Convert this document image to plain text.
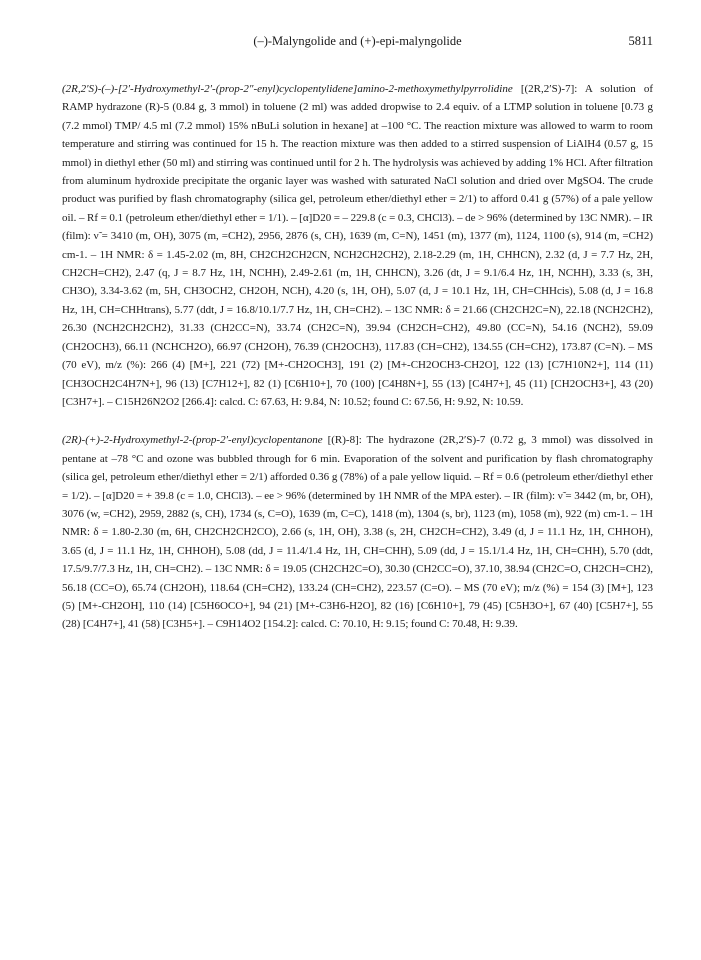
(–)-Malyngolide and (+)-epi-malyngolide	5811

(2R,2′S)-(–)-[2′-Hydroxymethyl-2′-(prop-2″-enyl)cyclopentylidene]amino-2-methoxymethylpyrrolidine [(2R,2′S)-7]: A solution of RAMP hydrazone (R)-5 (0.84 g, 3 mmol) in toluene (2 ml) was added dropwise to 2.4 equiv. of a LTMP solution in toluene [0.73 g (7.2 mmol) TMP/ 4.5 ml (7.2 mmol) 15% nBuLi solution in hexane] at –100 °C. The reaction mixture was allowed to warm to room temperature and stirring was continued for 15 h. The reaction mixture was then added to a stirred suspension of LiAlH4 (0.57 g, 15 mmol) in diethyl ether (50 ml) and stirring was continued until for 2 h. The hydrolysis was achieved by adding 1% HCl. After filtration from aluminum hydroxide precipitate the organic layer was washed with saturated NaCl solution and dried over MgSO4. The crude product was purified by flash chromatography (silica gel, petroleum ether/diethyl ether = 2/1) to afford 0.41 g (57%) of a pale yellow oil. – Rf = 0.1 (petroleum ether/diethyl ether = 1/1). – [α]D20 = – 229.8 (c = 0.3, CHCl3). – de > 96% (determined by 13C NMR). – IR (film): ν̃ = 3410 (m, OH), 3075 (m, =CH2), 2956, 2876 (s, CH), 1639 (m, C=N), 1451 (m), 1377 (m), 1124, 1100 (s), 914 (m, =CH2) cm-1. – 1H NMR: δ = 1.45-2.02 (m, 8H, CH2CH2CH2CN, NCH2CH2CH2), 2.18-2.29 (m, 1H, CHHCN), 2.32 (d, J = 7.7 Hz, 2H, CH2CH=CH2), 2.47 (q, J = 8.7 Hz, 1H, NCHH), 2.49-2.61 (m, 1H, CHHCN), 3.26 (dt, J = 9.1/6.4 Hz, 1H, NCHH), 3.33 (s, 3H, CH3O), 3.34-3.62 (m, 5H, CH3OCH2, CH2OH, NCH), 4.20 (s, 1H, OH), 5.07 (d, J = 10.1 Hz, 1H, CH=CHHcis), 5.08 (d, J = 16.8 Hz, 1H, CH=CHHtrans), 5.77 (ddt, J = 16.8/10.1/7.7 Hz, 1H, CH=CH2). – 13C NMR: δ = 21.66 (CH2CH2C=N), 22.18 (NCH2CH2), 26.30 (NCH2CH2CH2), 31.33 (CH2CC=N), 33.74 (CH2C=N), 39.94 (CH2CH=CH2), 49.80 (CC=N), 54.16 (NCH2), 59.09 (CH2OCH3), 66.11 (NCHCH2O), 66.97 (CH2OH), 76.39 (CH2OCH3), 117.83 (CH=CH2), 134.55 (CH=CH2), 173.87 (C=N). – MS (70 eV), m/z (%): 266 (4) [M+], 221 (72) [M+-CH2OCH3], 191 (2) [M+-CH2OCH3-CH2O], 122 (13) [C7H10N2+], 114 (11) [CH3OCH2C4H7N+], 96 (13) [C7H12+], 82 (1) [C6H10+], 70 (100) [C4H8N+], 55 (13) [C4H7+], 45 (11) [CH2OCH3+], 43 (20) [C3H7+]. – C15H26N2O2 [266.4]: calcd. C: 67.63, H: 9.84, N: 10.52; found C: 67.56, H: 9.92, N: 10.59.

(2R)-(+)-2-Hydroxymethyl-2-(prop-2′-enyl)cyclopentanone [(R)-8]: The hydrazone (2R,2′S)-7 (0.72 g, 3 mmol) was dissolved in pentane at –78 °C and ozone was bubbled through for 6 min. Evaporation of the solvent and purification by flash chromatography (silica gel, petroleum ether/diethyl ether = 2/1) afforded 0.36 g (78%) of a pale yellow liquid. – Rf = 0.6 (petroleum ether/diethyl ether = 1/2). – [α]D20 = + 39.8 (c = 1.0, CHCl3). – ee > 96% (determined by 1H NMR of the MPA ester). – IR (film): ν̃ = 3442 (m, br, OH), 3076 (w, =CH2), 2959, 2882 (s, CH), 1734 (s, C=O), 1639 (m, C=C), 1418 (m), 1304 (s, br), 1123 (m), 1058 (m), 922 (m) cm-1. – 1H NMR: δ = 1.80-2.30 (m, 6H, CH2CH2CH2CO), 2.66 (s, 1H, OH), 3.38 (s, 2H, CH2CH=CH2), 3.49 (d, J = 11.1 Hz, 1H, CHHOH), 3.65 (d, J = 11.1 Hz, 1H, CHHOH), 5.08 (dd, J = 11.4/1.4 Hz, 1H, CH=CHH), 5.09 (dd, J = 15.1/1.4 Hz, 1H, CH=CHH), 5.70 (ddt, 17.5/9.7/7.3 Hz, 1H, CH=CH2). – 13C NMR: δ = 19.05 (CH2CH2C=O), 30.30 (CH2CC=O), 37.10, 38.94 (CH2C=O, CH2CH=CH2), 56.18 (CC=O), 65.74 (CH2OH), 118.64 (CH=CH2), 133.24 (CH=CH2), 223.57 (C=O). – MS (70 eV); m/z (%) = 154 (3) [M+], 123 (5) [M+-CH2OH], 110 (14) [C5H6OCO+], 94 (21) [M+-C3H6-H2O], 82 (16) [C6H10+], 79 (45) [C5H3O+], 67 (40) [C5H7+], 55 (28) [C4H7+], 41 (58) [C3H5+]. – C9H14O2 [154.2]: calcd. C: 70.10, H: 9.15; found C: 70.48, H: 9.39.
